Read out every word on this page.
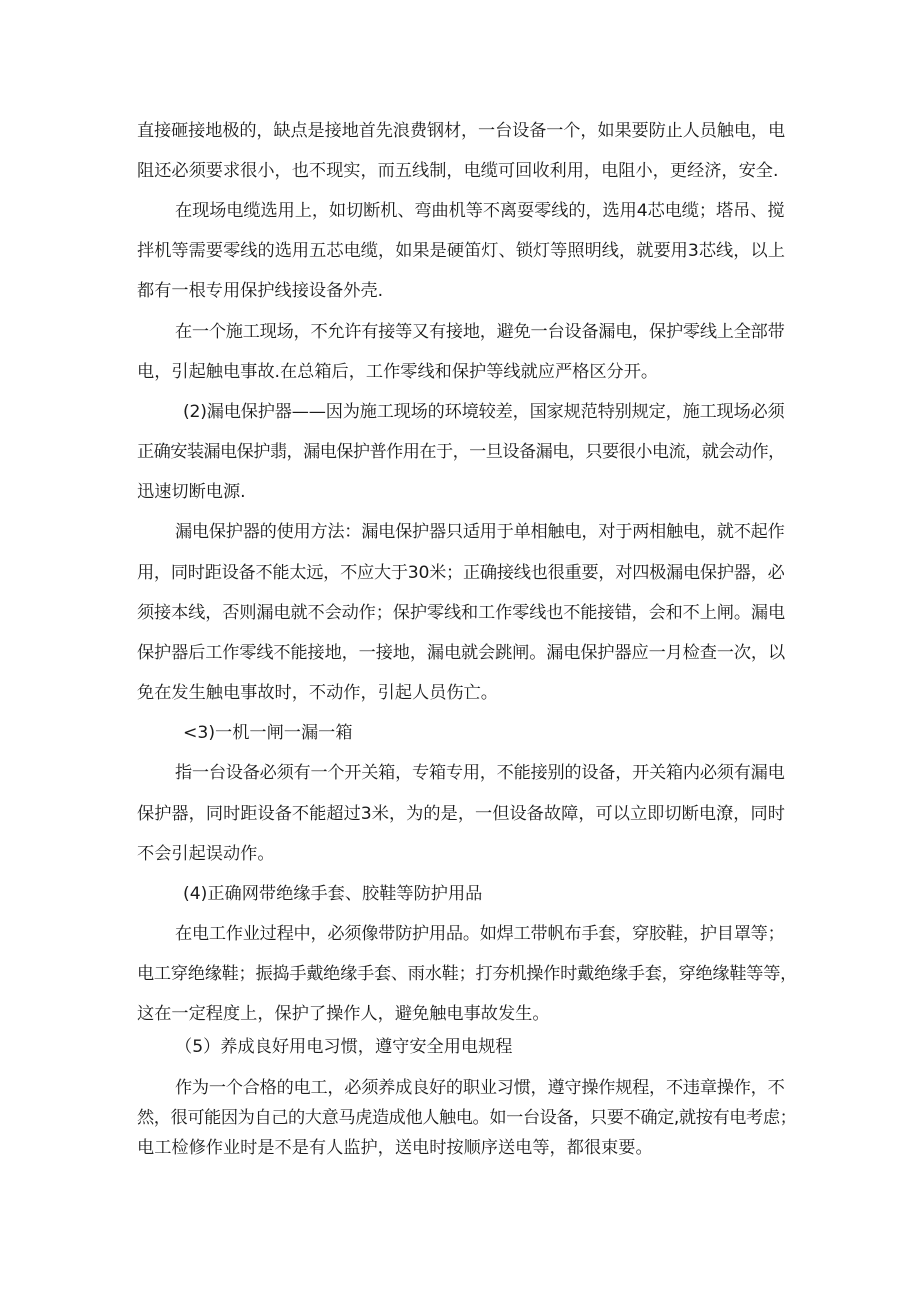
直接砸接地极的，缺点是接地首先浪费钢材，一台设备一个，如果要防止人员触电，电

阻还必须要求很小，也不现实，而五线制，电缆可回收利用，电阻小，更经济，安全.

在现场电缆选用上，如切断机、弯曲机等不离耍零线的，选用4芯电缆；塔吊、搅

拌机等需要零线的选用五芯电缆，如果是硬笛灯、锁灯等照明线，就要用3芯线，以上

都有一根专用保护线接设备外壳.

在一个施工现场，不允许有接等又有接地，避免一台设备漏电，保护零线上全部带

电，引起触电事故.在总箱后，工作零线和保护等线就应严格区分开。

(2)漏电保护器——因为施工现场的环境较差，国家规范特别规定，施工现场必须

正确安装漏电保护翡，漏电保护普作用在于，一旦设备漏电，只要很小电流，就会动作，

迅速切断电源.

漏电保护器的使用方法：漏电保护器只适用于单相触电，对于两相触电，就不起作

用，同时距设备不能太远，不应大于30米；正确接线也很重要，对四极漏电保护器，必

须接本线，否则漏电就不会动作；保护零线和工作零线也不能接错，会和不上闸。漏电

保护器后工作零线不能接地，一接地，漏电就会跳闸。漏电保护器应一月检查一次，以

免在发生触电事故时，不动作，引起人员伤亡。

<3)一机一闸一漏一箱

指一台设备必须有一个开关箱，专箱专用，不能接别的设备，开关箱内必须有漏电

保护器，同时距设备不能超过3米，为的是，一但设备故障，可以立即切断电潦，同时

不会引起误动作。

(4)正确网带绝缘手套、胶鞋等防护用品

在电工作业过程中，必须像带防护用品。如焊工带帆布手套，穿胶鞋，护目罩等；

电工穿绝缘鞋；振捣手戴绝缘手套、雨水鞋；打夯机操作时戴绝缘手套，穿绝缘鞋等等，

这在一定程度上，保护了操作人，避免触电事故发生。

（5）养成良好用电习惯，遵守安全用电规程

作为一个合格的电工，必须养成良好的职业习惯，遵守操作规程，不违章操作，不

然，很可能因为自己的大意马虎造成他人触电。如一台设备，只要不确定,就按有电考虑；

电工检修作业时是不是有人监护，送电时按顺序送电等，都很束要。
